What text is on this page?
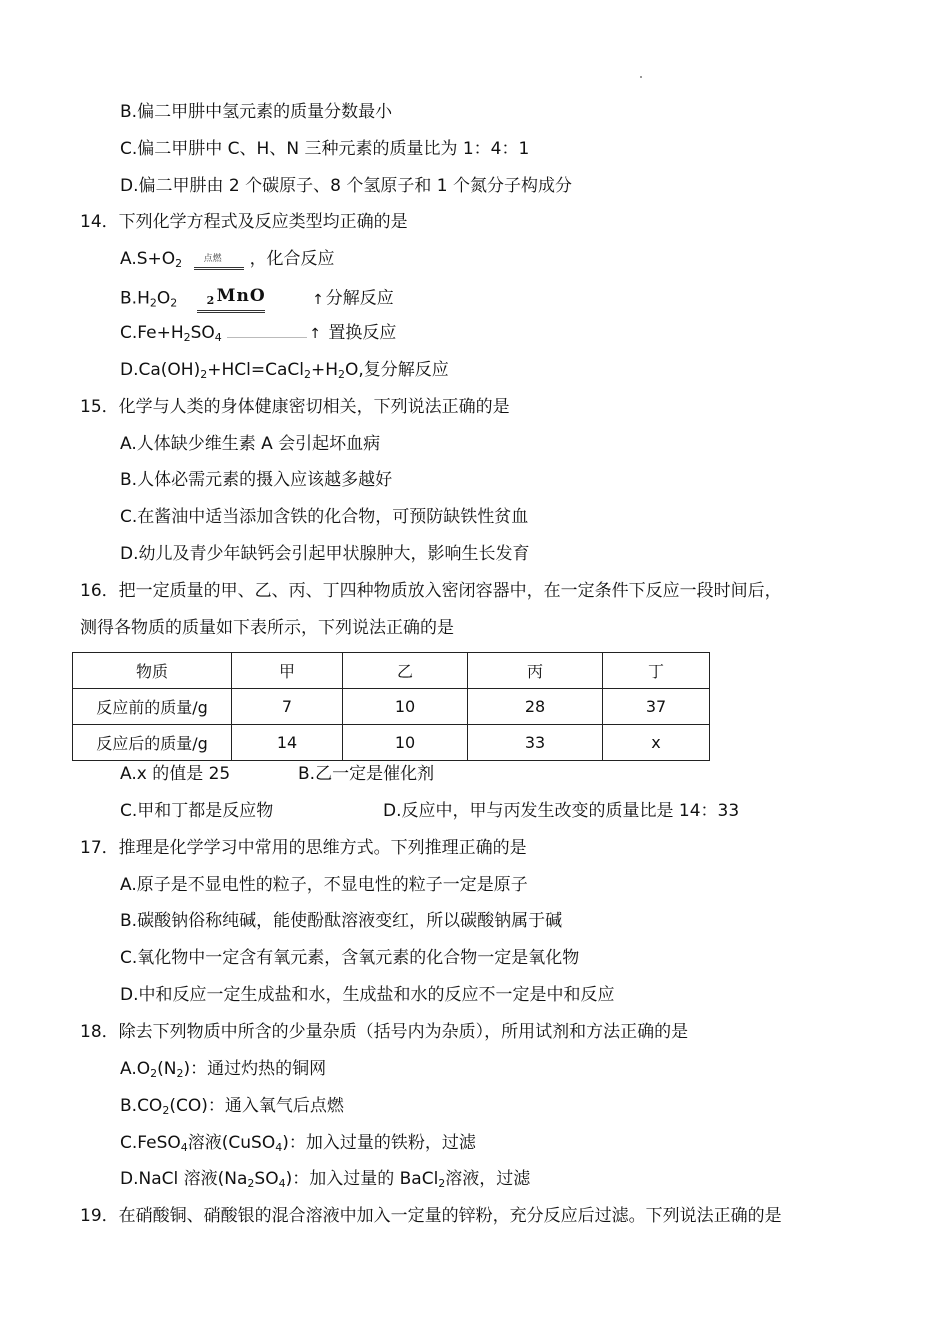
B.偏二甲肼中氢元素的质量分数最小
C.偏二甲肼中 C、H、N 三种元素的质量比为 1：4：1
D.偏二甲肼由 2 个碳原子、8 个氢原子和 1 个氮分子构成分
14．下列化学方程式及反应类型均正确的是
$A.S+O_2$ 点燃 ，化合反应
$B.H_2O_2$ MnO
$_2$	↑ 分解反应
$C.Fe+H_2SO_4$	↑ 置换反应
$D.Ca(OH)_2+HCl=CaCl_2+H_2O$,复分解反应
15．化学与人类的身体健康密切相关，下列说法正确的是
A.人体缺少维生素 A 会引起坏血病
B.人体必需元素的摄入应该越多越好
C.在酱油中适当添加含铁的化合物，可预防缺铁性贫血
D.幼儿及青少年缺钙会引起甲状腺肿大，影响生长发育
16．把一定质量的甲、乙、丙、丁四种物质放入密闭容器中，在一定条件下反应一段时间后，
测得各物质的质量如下表所示，下列说法正确的是
物质	甲	乙	丙	丁
反应前的质量/g	7	10	28	37
反应后的质量/g	14	10	33	x
A.x 的值是 25	B.乙一定是催化剂
C.甲和丁都是反应物	D.反应中，甲与丙发生改变的质量比是 14：33
17．推理是化学学习中常用的思维方式。下列推理正确的是
A.原子是不显电性的粒子，不显电性的粒子一定是原子
B.碳酸钠俗称纯碱，能使酚酞溶液变红，所以碳酸钠属于碱
C.氧化物中一定含有氧元素，含氧元素的化合物一定是氧化物
D.中和反应一定生成盐和水，生成盐和水的反应不一定是中和反应
18．除去下列物质中所含的少量杂质（括号内为杂质），所用试剂和方法正确的是
$A.O_2(N_2)$：通过灼热的铜网
$B.CO_2(CO)$：通入氧气后点燃
C.FeSO$_4$溶液(CuSO$_4$)：加入过量的铁粉，过滤
D.NaCl 溶液$(Na_2SO_4)$：加入过量的 BaCl$_2$溶液，过滤
19．在硝酸铜、硝酸银的混合溶液中加入一定量的锌粉，充分反应后过滤。下列说法正确的是
